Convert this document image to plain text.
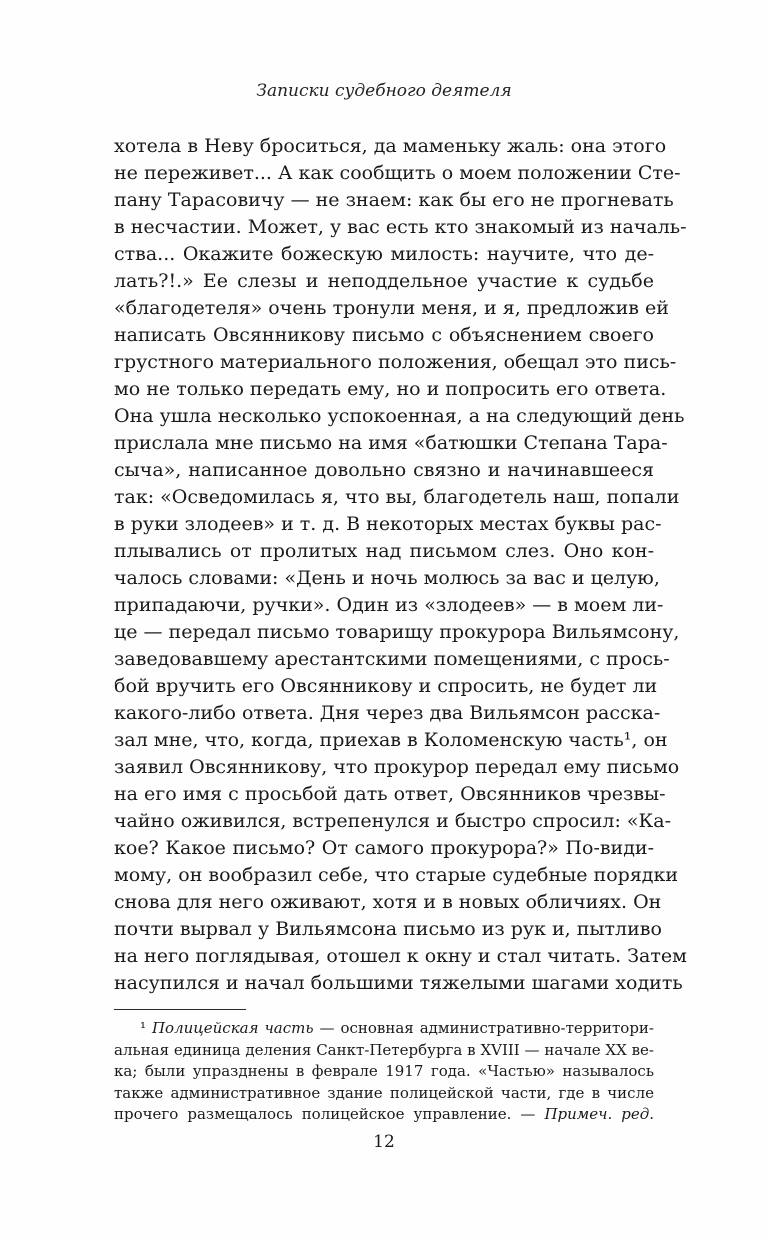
Записки судебного деятеля
хотела в Неву броситься, да маменьку жаль: она этого
не переживет... А как сообщить о моем положении Сте-
пану Тарасовичу — не знаем: как бы его не прогневать
в несчастии. Может, у вас есть кто знакомый из началь-
ства... Окажите божескую милость: научите, что де-
лать?!.» Ее слезы и неподдельное участие к судьбе
«благодетеля» очень тронули меня, и я, предложив ей
написать Овсянникову письмо с объяснением своего
грустного материального положения, обещал это пись-
мо не только передать ему, но и попросить его ответа.
Она ушла несколько успокоенная, а на следующий день
прислала мне письмо на имя «батюшки Степана Тара-
сыча», написанное довольно связно и начинавшееся
так: «Осведомилась я, что вы, благодетель наш, попали
в руки злодеев» и т. д. В некоторых местах буквы рас-
плывались от пролитых над письмом слез. Оно кон-
чалось словами: «День и ночь молюсь за вас и целую,
припадаючи, ручки». Один из «злодеев» — в моем ли-
це — передал письмо товарищу прокурора Вильямсону,
заведовавшему арестантскими помещениями, с прось-
бой вручить его Овсянникову и спросить, не будет ли
какого-либо ответа. Дня через два Вильямсон расска-
зал мне, что, когда, приехав в Коломенскую часть¹, он
заявил Овсянникову, что прокурор передал ему письмо
на его имя с просьбой дать ответ, Овсянников чрезвы-
чайно оживился, встрепенулся и быстро спросил: «Ка-
кое? Какое письмо? От самого прокурора?» По-види-
мому, он вообразил себе, что старые судебные порядки
снова для него оживают, хотя и в новых обличиях. Он
почти вырвал у Вильямсона письмо из рук и, пытливо
на него поглядывая, отошел к окну и стал читать. Затем
насупился и начал большими тяжелыми шагами ходить
¹ Полицейская часть — основная административно-территори-
альная единица деления Санкт-Петербурга в XVIII — начале XX ве-
ка; были упразднены в феврале 1917 года. «Частью» называлось
также административное здание полицейской части, где в числе
прочего размещалось полицейское управление. — Примеч. ред.
12
